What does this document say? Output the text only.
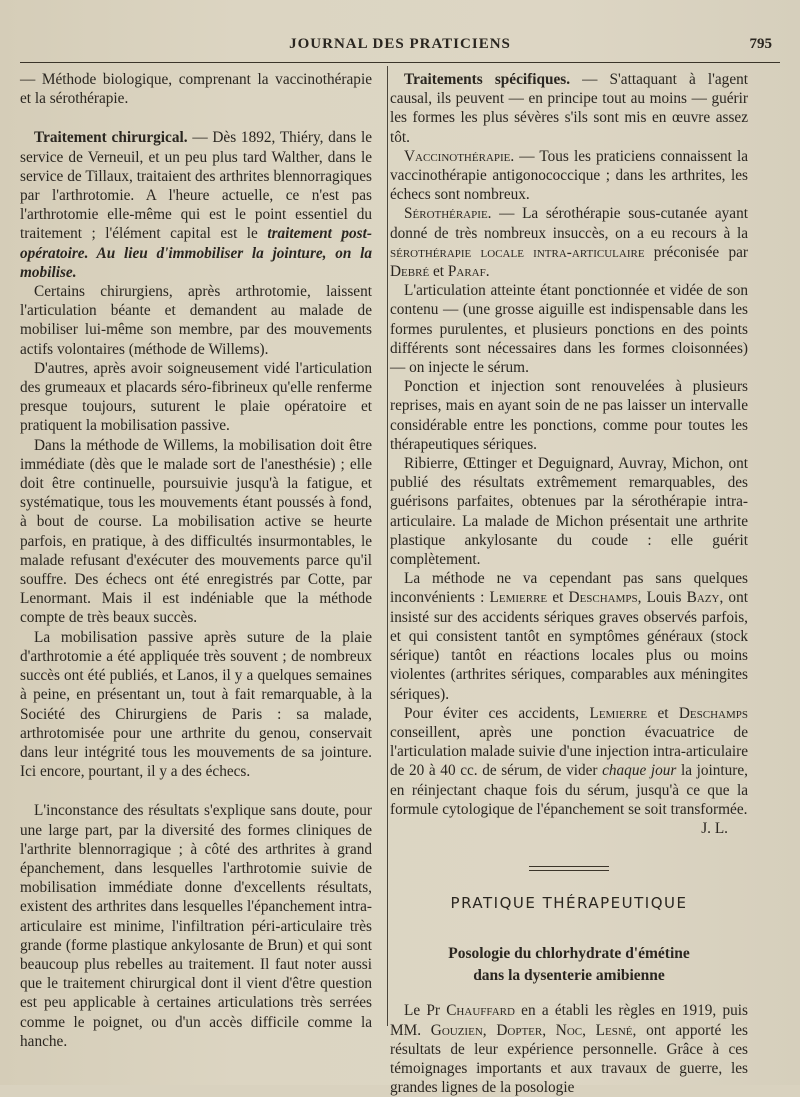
JOURNAL DES PRATICIENS	795

— Méthode biologique, comprenant la vaccinothérapie et la sérothérapie.

Traitement chirurgical. — Dès 1892, Thiéry, dans le service de Verneuil, et un peu plus tard Walther, dans le service de Tillaux, traitaient des arthrites blennorragiques par l'arthrotomie. A l'heure actuelle, ce n'est pas l'arthrotomie elle-même qui est le point essentiel du traitement ; l'élément capital est le traitement post-opératoire. Au lieu d'immobiliser la jointure, on la mobilise.

Certains chirurgiens, après arthrotomie, laissent l'articulation béante et demandent au malade de mobiliser lui-même son membre, par des mouvements actifs volontaires (méthode de Willems).

D'autres, après avoir soigneusement vidé l'articulation des grumeaux et placards séro-fibrineux qu'elle renferme presque toujours, suturent le plaie opératoire et pratiquent la mobilisation passive.

Dans la méthode de Willems, la mobilisation doit être immédiate (dès que le malade sort de l'anesthésie) ; elle doit être continuelle, poursuivie jusqu'à la fatigue, et systématique, tous les mouvements étant poussés à fond, à bout de course. La mobilisation active se heurte parfois, en pratique, à des difficultés insurmontables, le malade refusant d'exécuter des mouvements parce qu'il souffre. Des échecs ont été enregistrés par Cotte, par Lenormant. Mais il est indéniable que la méthode compte de très beaux succès.

La mobilisation passive après suture de la plaie d'arthrotomie a été appliquée très souvent ; de nombreux succès ont été publiés, et Lanos, il y a quelques semaines à peine, en présentant un, tout à fait remarquable, à la Société des Chirurgiens de Paris : sa malade, arthrotomisée pour une arthrite du genou, conservait dans leur intégrité tous les mouvements de sa jointure. Ici encore, pourtant, il y a des échecs.

L'inconstance des résultats s'explique sans doute, pour une large part, par la diversité des formes cliniques de l'arthrite blennorragique ; à côté des arthrites à grand épanchement, dans lesquelles l'arthrotomie suivie de mobilisation immédiate donne d'excellents résultats, existent des arthrites dans lesquelles l'épanchement intra-articulaire est minime, l'infiltration péri-articulaire très grande (forme plastique ankylosante de Brun) et qui sont beaucoup plus rebelles au traitement. Il faut noter aussi que le traitement chirurgical dont il vient d'être question est peu applicable à certaines articulations très serrées comme le poignet, ou d'un accès difficile comme la hanche.

Traitements spécifiques. — S'attaquant à l'agent causal, ils peuvent — en principe tout au moins — guérir les formes les plus sévères s'ils sont mis en œuvre assez tôt.

Vaccinothérapie. — Tous les praticiens connaissent la vaccinothérapie antigonococcique ; dans les arthrites, les échecs sont nombreux.

Sérothérapie. — La sérothérapie sous-cutanée ayant donné de très nombreux insuccès, on a eu recours à la sérothérapie locale intra-articulaire préconisée par Debré et Paraf.

L'articulation atteinte étant ponctionnée et vidée de son contenu — (une grosse aiguille est indispensable dans les formes purulentes, et plusieurs ponctions en des points différents sont nécessaires dans les formes cloisonnées) — on injecte le sérum.

Ponction et injection sont renouvelées à plusieurs reprises, mais en ayant soin de ne pas laisser un intervalle considérable entre les ponctions, comme pour toutes les thérapeutiques sériques.

Ribierre, Œttinger et Deguignard, Auvray, Michon, ont publié des résultats extrêmement remarquables, des guérisons parfaites, obtenues par la sérothérapie intra-articulaire. La malade de Michon présentait une arthrite plastique ankylosante du coude : elle guérit complètement.

La méthode ne va cependant pas sans quelques inconvénients : Lemierre et Deschamps, Louis Bazy, ont insisté sur des accidents sériques graves observés parfois, et qui consistent tantôt en symptômes généraux (stock sérique) tantôt en réactions locales plus ou moins violentes (arthrites sériques, comparables aux méningites sériques).

Pour éviter ces accidents, Lemierre et Deschamps conseillent, après une ponction évacuatrice de l'articulation malade suivie d'une injection intra-articulaire de 20 à 40 cc. de sérum, de vider chaque jour la jointure, en réinjectant chaque fois du sérum, jusqu'à ce que la formule cytologique de l'épanchement se soit transformée.

J. L.

PRATIQUE THÉRAPEUTIQUE
Posologie du chlorhydrate d'émétine
dans la dysenterie amibienne

Le Pr Chauffard en a établi les règles en 1919, puis MM. Gouzien, Dopter, Noc, Lesné, ont apporté les résultats de leur expérience personnelle. Grâce à ces témoignages importants et aux travaux de guerre, les grandes lignes de la posologie
